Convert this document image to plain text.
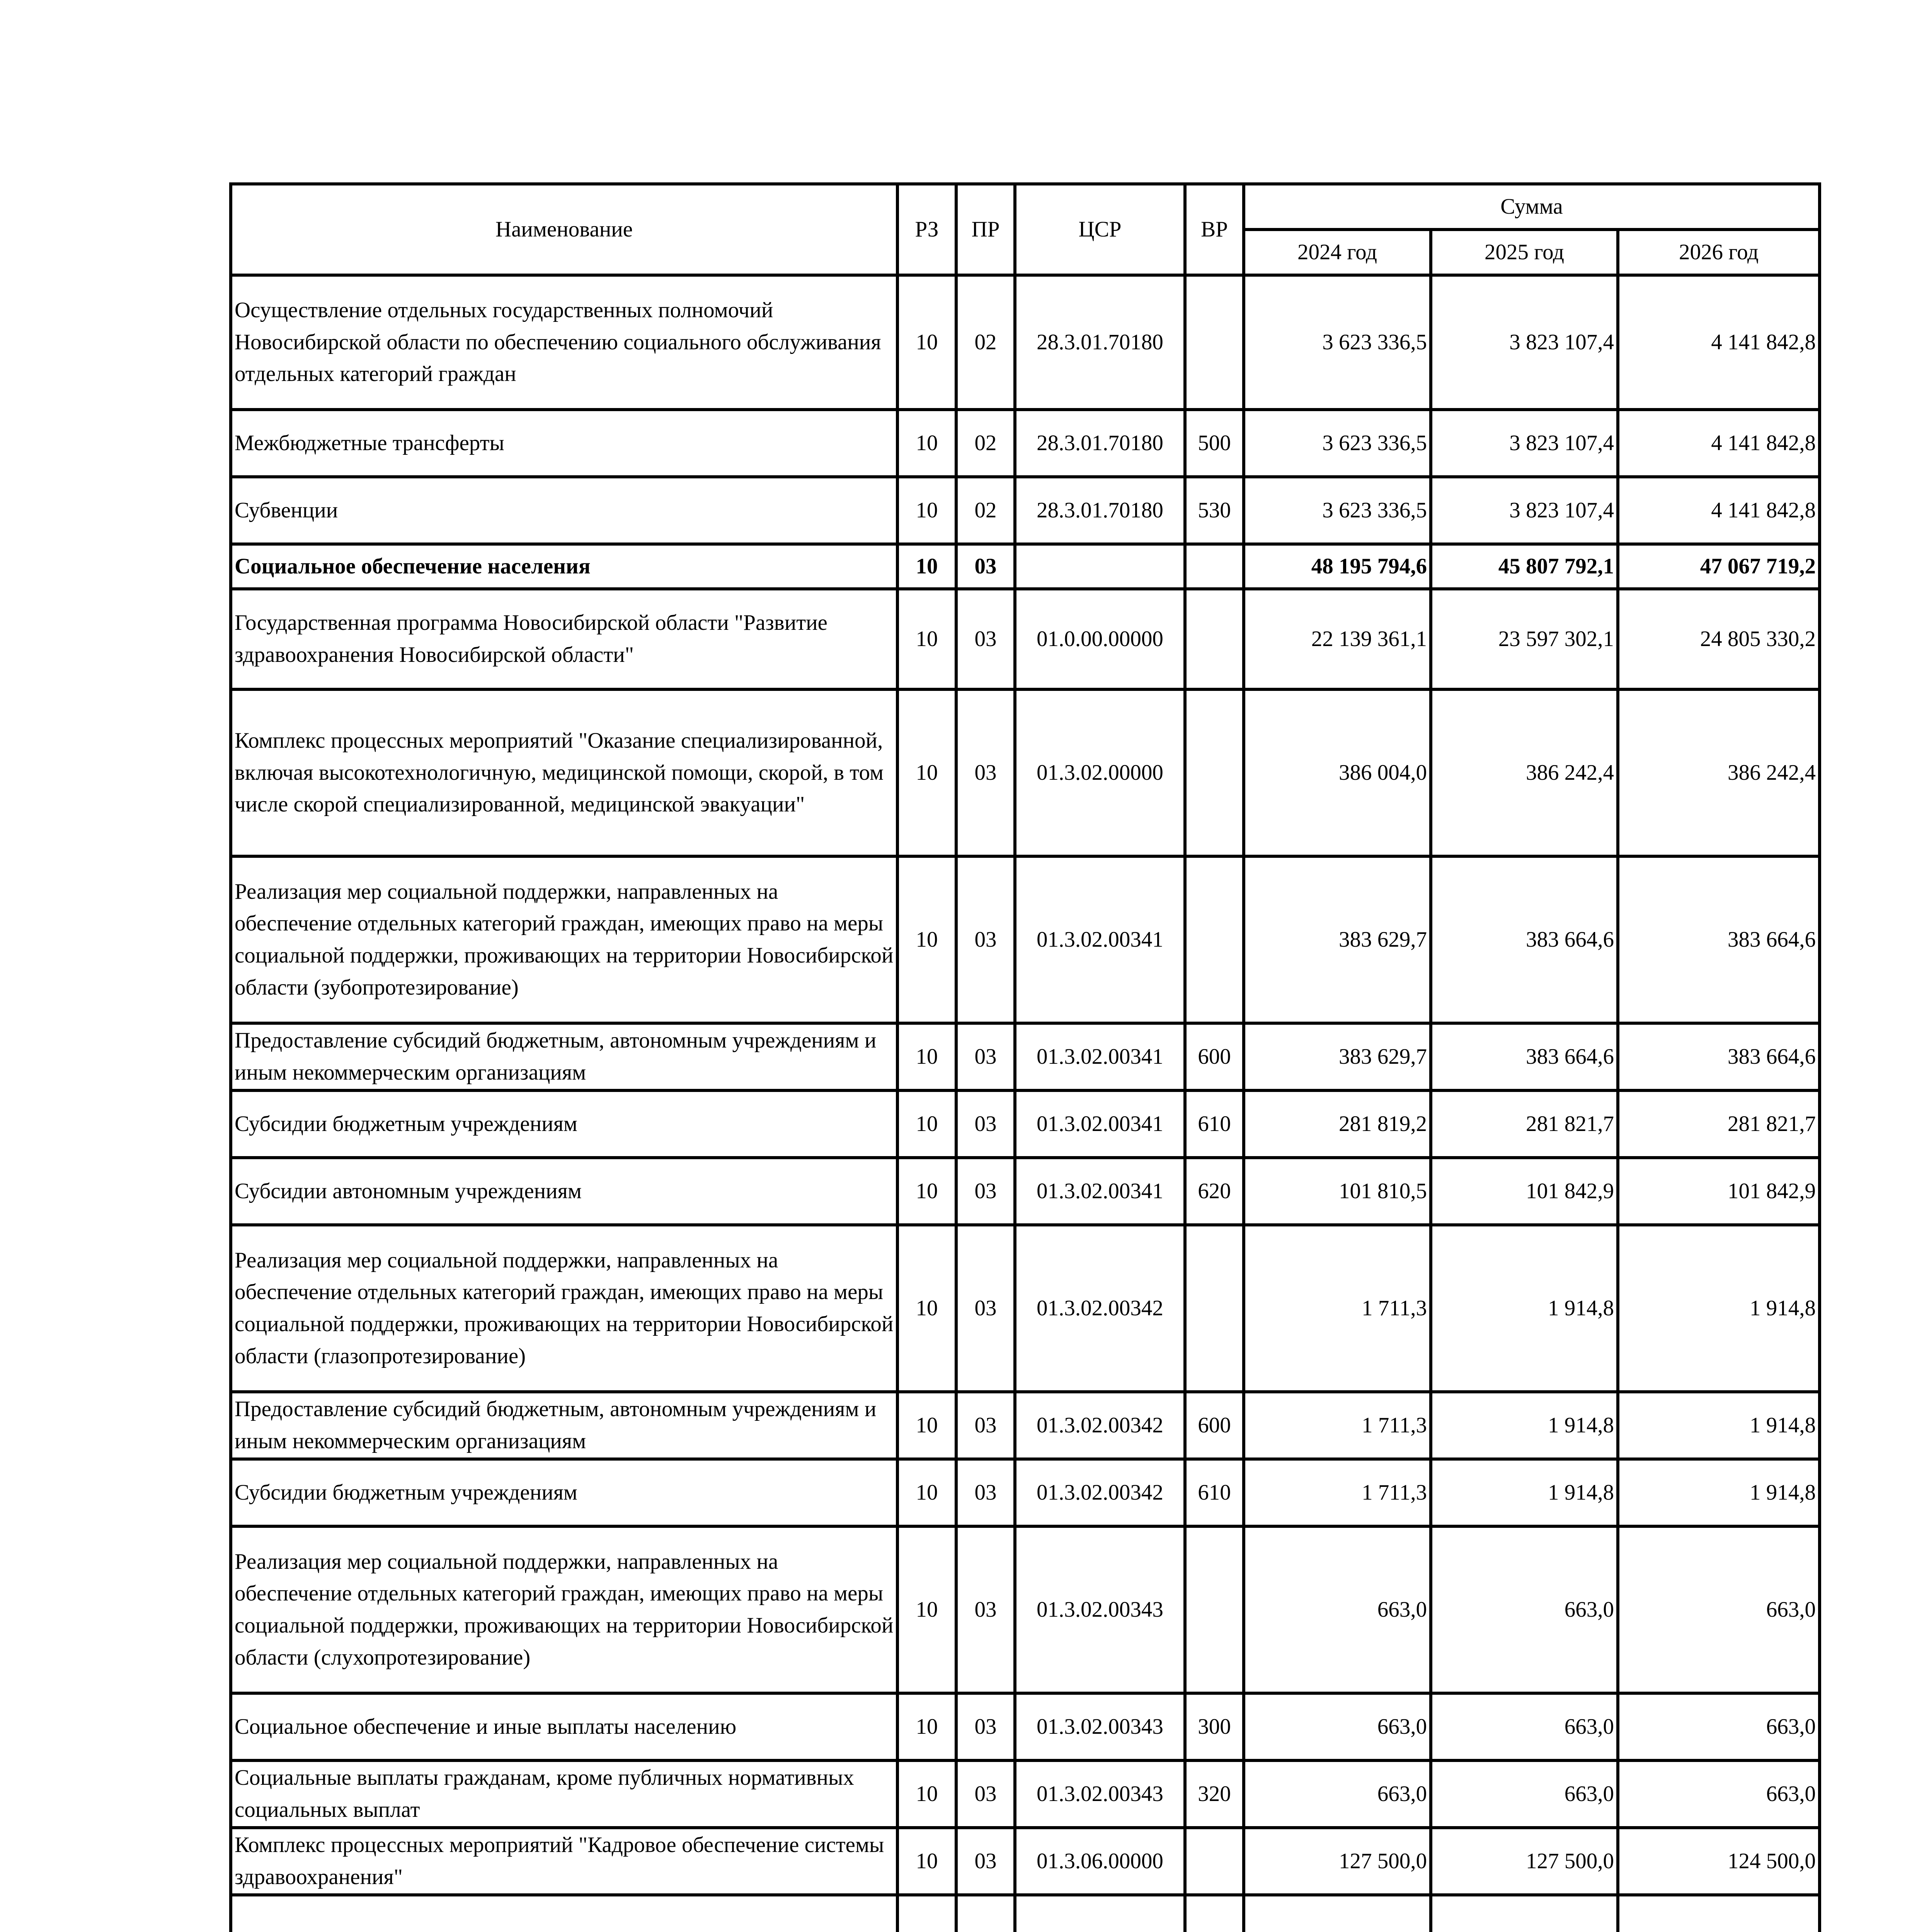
Наименование	РЗ	ПР	ЦСР	ВР	Сумма		
					2024 год	2025 год	2026 год
Осуществление отдельных государственных полномочий Новосибирской области по обеспечению социального обслуживания отдельных категорий граждан	10	02	28.3.01.70180		3 623 336,5	3 823 107,4	4 141 842,8
Межбюджетные трансферты	10	02	28.3.01.70180	500	3 623 336,5	3 823 107,4	4 141 842,8
Субвенции	10	02	28.3.01.70180	530	3 623 336,5	3 823 107,4	4 141 842,8
Социальное обеспечение населения	10	03			48 195 794,6	45 807 792,1	47 067 719,2
Государственная программа Новосибирской области "Развитие здравоохранения Новосибирской области"	10	03	01.0.00.00000		22 139 361,1	23 597 302,1	24 805 330,2
Комплекс процессных мероприятий "Оказание специализированной, включая высокотехнологичную, медицинской помощи, скорой, в том числе скорой специализированной, медицинской эвакуации"	10	03	01.3.02.00000		386 004,0	386 242,4	386 242,4
Реализация мер социальной поддержки, направленных на обеспечение отдельных категорий граждан, имеющих право на меры социальной поддержки, проживающих на территории Новосибирской области (зубопротезирование)	10	03	01.3.02.00341		383 629,7	383 664,6	383 664,6
Предоставление субсидий бюджетным, автономным учреждениям и иным некоммерческим организациям	10	03	01.3.02.00341	600	383 629,7	383 664,6	383 664,6
Субсидии бюджетным учреждениям	10	03	01.3.02.00341	610	281 819,2	281 821,7	281 821,7
Субсидии автономным учреждениям	10	03	01.3.02.00341	620	101 810,5	101 842,9	101 842,9
Реализация мер социальной поддержки, направленных на обеспечение отдельных категорий граждан, имеющих право на меры социальной поддержки, проживающих на территории Новосибирской области (глазопротезирование)	10	03	01.3.02.00342		1 711,3	1 914,8	1 914,8
Предоставление субсидий бюджетным, автономным учреждениям и иным некоммерческим организациям	10	03	01.3.02.00342	600	1 711,3	1 914,8	1 914,8
Субсидии бюджетным учреждениям	10	03	01.3.02.00342	610	1 711,3	1 914,8	1 914,8
Реализация мер социальной поддержки, направленных на обеспечение отдельных категорий граждан, имеющих право на меры социальной поддержки, проживающих на территории Новосибирской области (слухопротезирование)	10	03	01.3.02.00343		663,0	663,0	663,0
Социальное обеспечение и иные выплаты населению	10	03	01.3.02.00343	300	663,0	663,0	663,0
Социальные выплаты гражданам, кроме публичных нормативных социальных выплат	10	03	01.3.02.00343	320	663,0	663,0	663,0
Комплекс процессных мероприятий "Кадровое обеспечение системы здравоохранения"	10	03	01.3.06.00000		127 500,0	127 500,0	124 500,0
